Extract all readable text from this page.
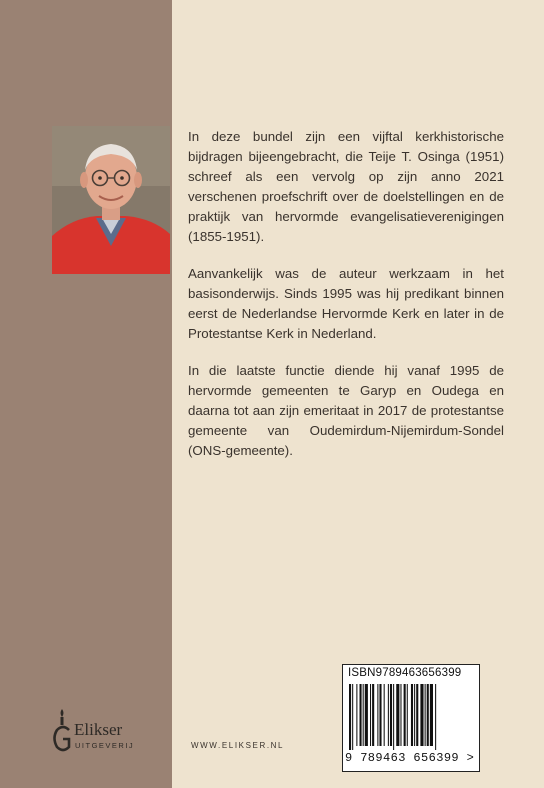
In deze bundel zijn een vijftal kerkhistorische bijdragen bijeengebracht, die Teije T. Osinga (1951) schreef als een vervolg op zijn anno 2021 verschenen proefschrift over de doelstellingen en de praktijk van hervormde evangelisatieverenigingen (1855-1951).

Aanvankelijk was de auteur werkzaam in het basisonderwijs. Sinds 1995 was hij predikant binnen eerst de Nederlandse Hervormde Kerk en later in de Protestantse Kerk in Nederland.

In die laatste functie diende hij vanaf 1995 de hervormde gemeenten te Garyp en Oudega en daarna tot aan zijn emeritaat in 2017 de protestantse gemeente van Oudemirdum-Nijemirdum-Sondel (ONS-gemeente).

Elikser
UITGEVERIJ	WWW.ELIKSER.NL
ISBN9789463656399
9 789463 656399 >
